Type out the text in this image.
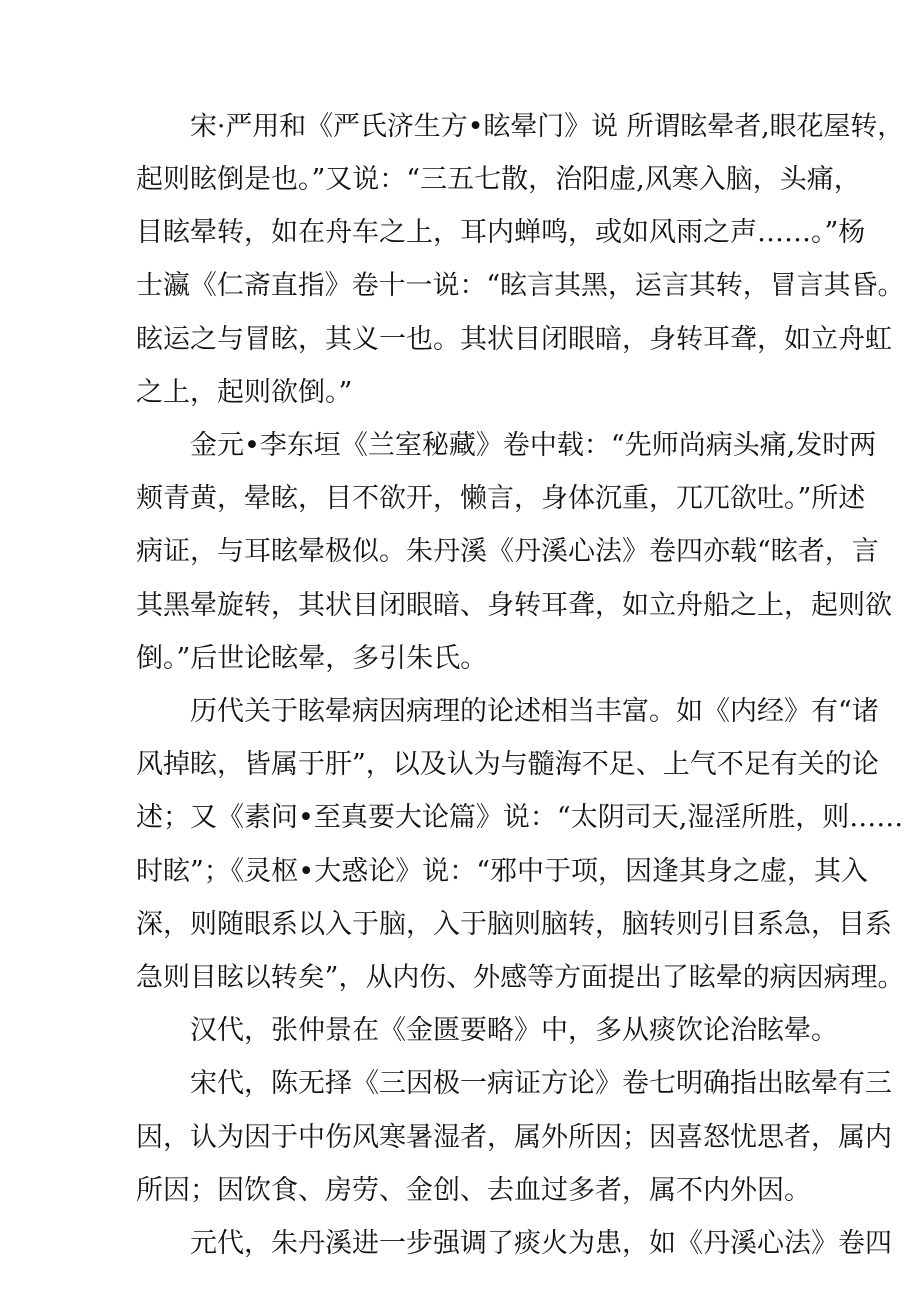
宋·严用和《严氏济生方•眩晕门》说 所谓眩晕者,眼花屋转，
起则眩倒是也。”又说：“三五七散，治阳虚,风寒入脑，头痛，
目眩晕转，如在舟车之上，耳内蝉鸣，或如风雨之声……。”杨
士瀛《仁斋直指》卷十一说：“眩言其黑，运言其转，冒言其昏。
眩运之与冒眩，其义一也。其状目闭眼暗，身转耳聋，如立舟虹
之上，起则欲倒。”
金元•李东垣《兰室秘藏》卷中载：“先师尚病头痛,发时两
颊青黄，晕眩，目不欲开，懒言，身体沉重，兀兀欲吐。”所述
病证，与耳眩晕极似。朱丹溪《丹溪心法》卷四亦载“眩者，言
其黑晕旋转，其状目闭眼暗、身转耳聋，如立舟船之上，起则欲
倒。”后世论眩晕，多引朱氏。
历代关于眩晕病因病理的论述相当丰富。如《内经》有“诸
风掉眩，皆属于肝”，以及认为与髓海不足、上气不足有关的论
述；又《素问•至真要大论篇》说：“太阴司天,湿淫所胜，则……
时眩”；《灵枢•大惑论》说：“邪中于项，因逢其身之虚，其入
深，则随眼系以入于脑，入于脑则脑转，脑转则引目系急，目系
急则目眩以转矣”，从内伤、外感等方面提出了眩晕的病因病理。
汉代，张仲景在《金匮要略》中，多从痰饮论治眩晕。
宋代，陈无择《三因极一病证方论》卷七明确指出眩晕有三
因，认为因于中伤风寒暑湿者，属外所因；因喜怒忧思者，属内
所因；因饮食、房劳、金创、去血过多者，属不内外因。
元代，朱丹溪进一步强调了痰火为患，如《丹溪心法》卷四
